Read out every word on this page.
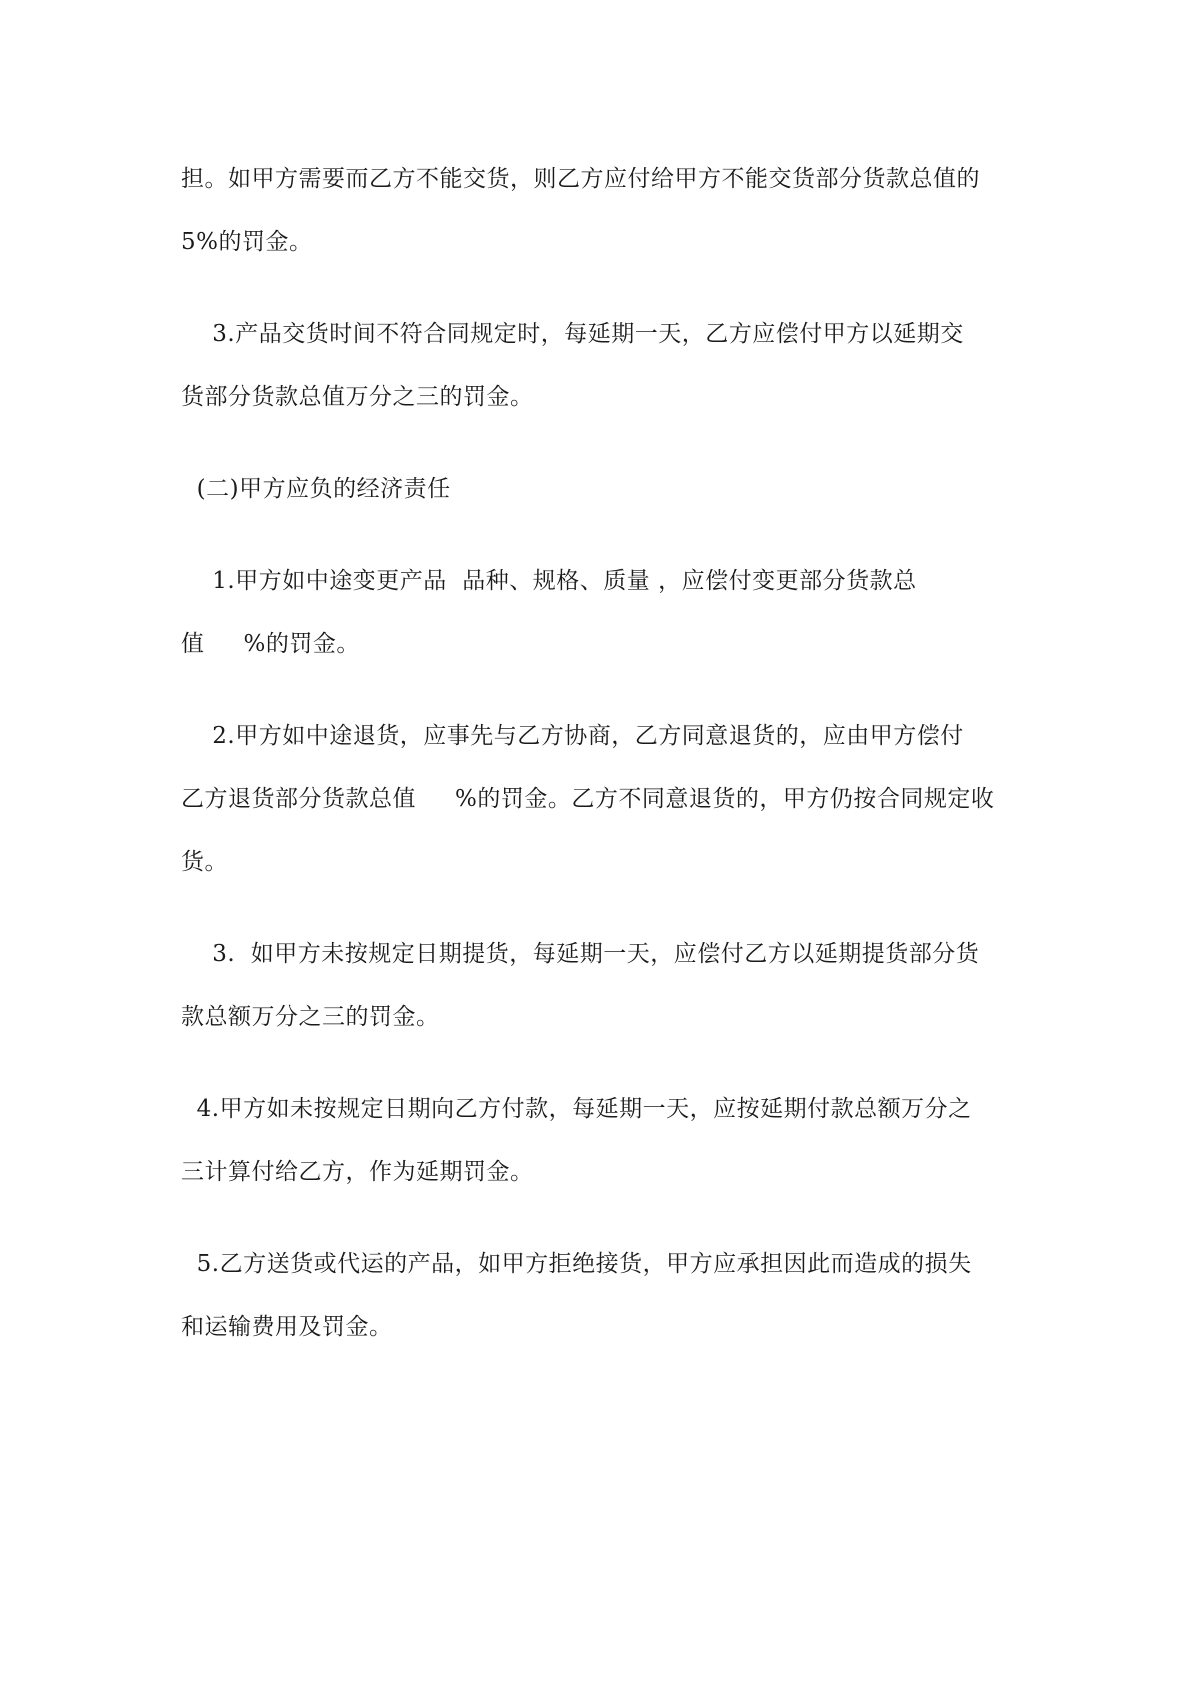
担。如甲方需要而乙方不能交货，则乙方应付给甲方不能交货部分货款总值的
5%的罚金。
3.产品交货时间不符合同规定时，每延期一天，乙方应偿付甲方以延期交
货部分货款总值万分之三的罚金。
(二)甲方应负的经济责任
1.甲方如中途变更产品  品种、规格、质量 ，应偿付变更部分货款总
值     %的罚金。
2.甲方如中途退货，应事先与乙方协商，乙方同意退货的，应由甲方偿付
乙方退货部分货款总值     %的罚金。乙方不同意退货的，甲方仍按合同规定收
货。
3.  如甲方未按规定日期提货，每延期一天，应偿付乙方以延期提货部分货
款总额万分之三的罚金。
4.甲方如未按规定日期向乙方付款，每延期一天，应按延期付款总额万分之
三计算付给乙方，作为延期罚金。
5.乙方送货或代运的产品，如甲方拒绝接货，甲方应承担因此而造成的损失
和运输费用及罚金。
